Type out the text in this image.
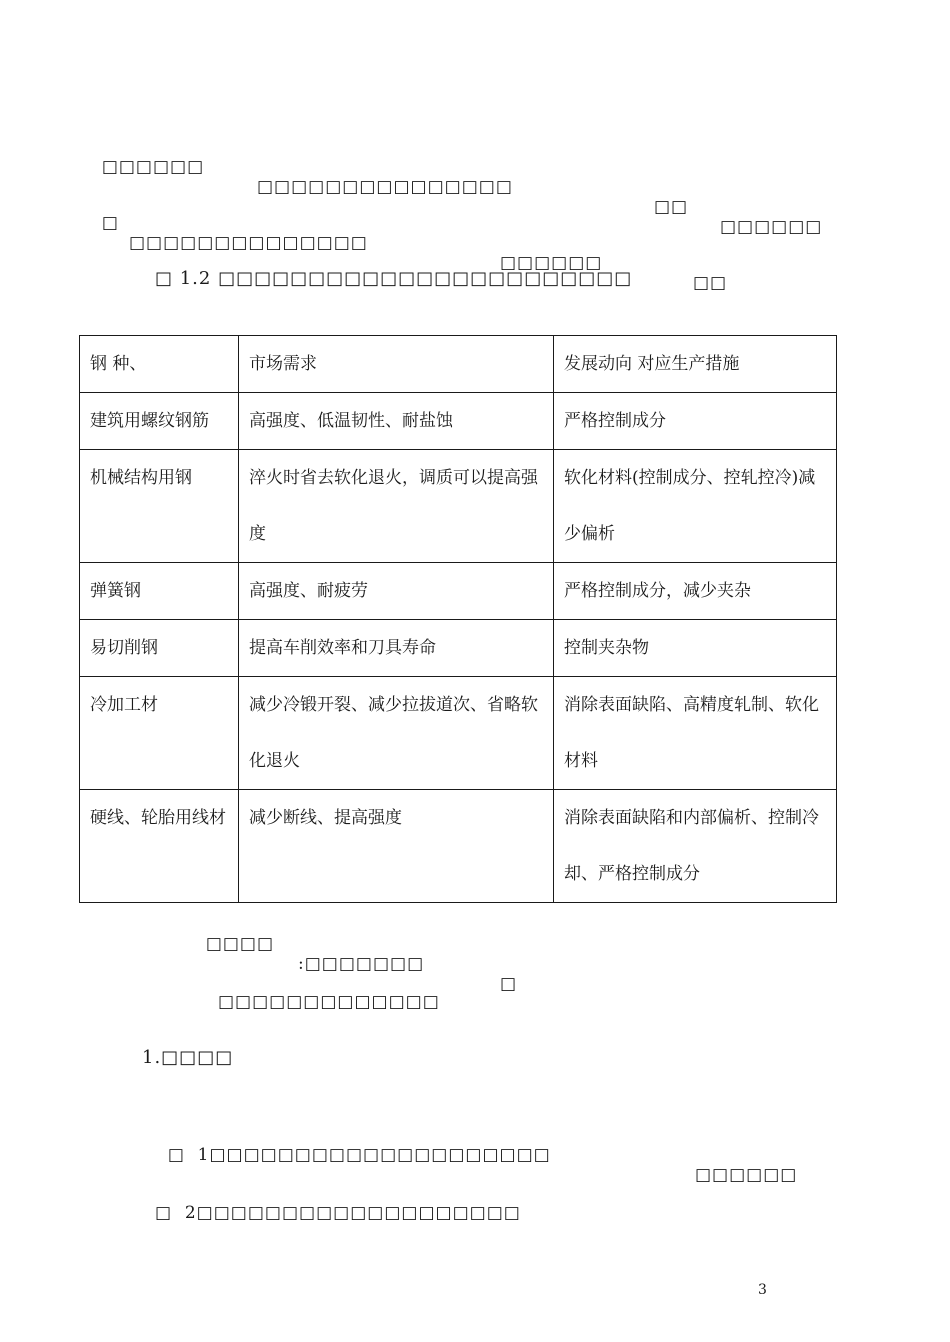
□□□□□□

□□□□□□□□□□□□□□□

□□

□□□□□□

□

□□□□□□□□□□□□□□

□□□□□□

□□

□ 1.2 □□□□□□□□□□□□□□□□□□□□□□□
钢 种、	市场需求	发展动向 对应生产措施

建筑用螺纹钢筋	高强度、低温韧性、耐盐蚀	严格控制成分

机械结构用钢	淬火时省去软化退火，调质可以提高强度	软化材料(控制成分、控轧控冷)减少偏析

弹簧钢	高强度、耐疲劳	严格控制成分，减少夹杂

易切削钢	提高车削效率和刀具寿命	控制夹杂物

冷加工材	减少冷锻开裂、减少拉拔道次、省略软化退火	消除表面缺陷、高精度轧制、软化材料

硬线、轮胎用线材	减少断线、提高强度	消除表面缺陷和内部偏析、控制冷却、严格控制成分

□□□□

:□□□□□□□

□

□□□□□□□□□□□□□
1.□□□□

□  1□□□□□□□□□□□□□□□□□□□□

□□□□□□

□  2□□□□□□□□□□□□□□□□□□□
3
